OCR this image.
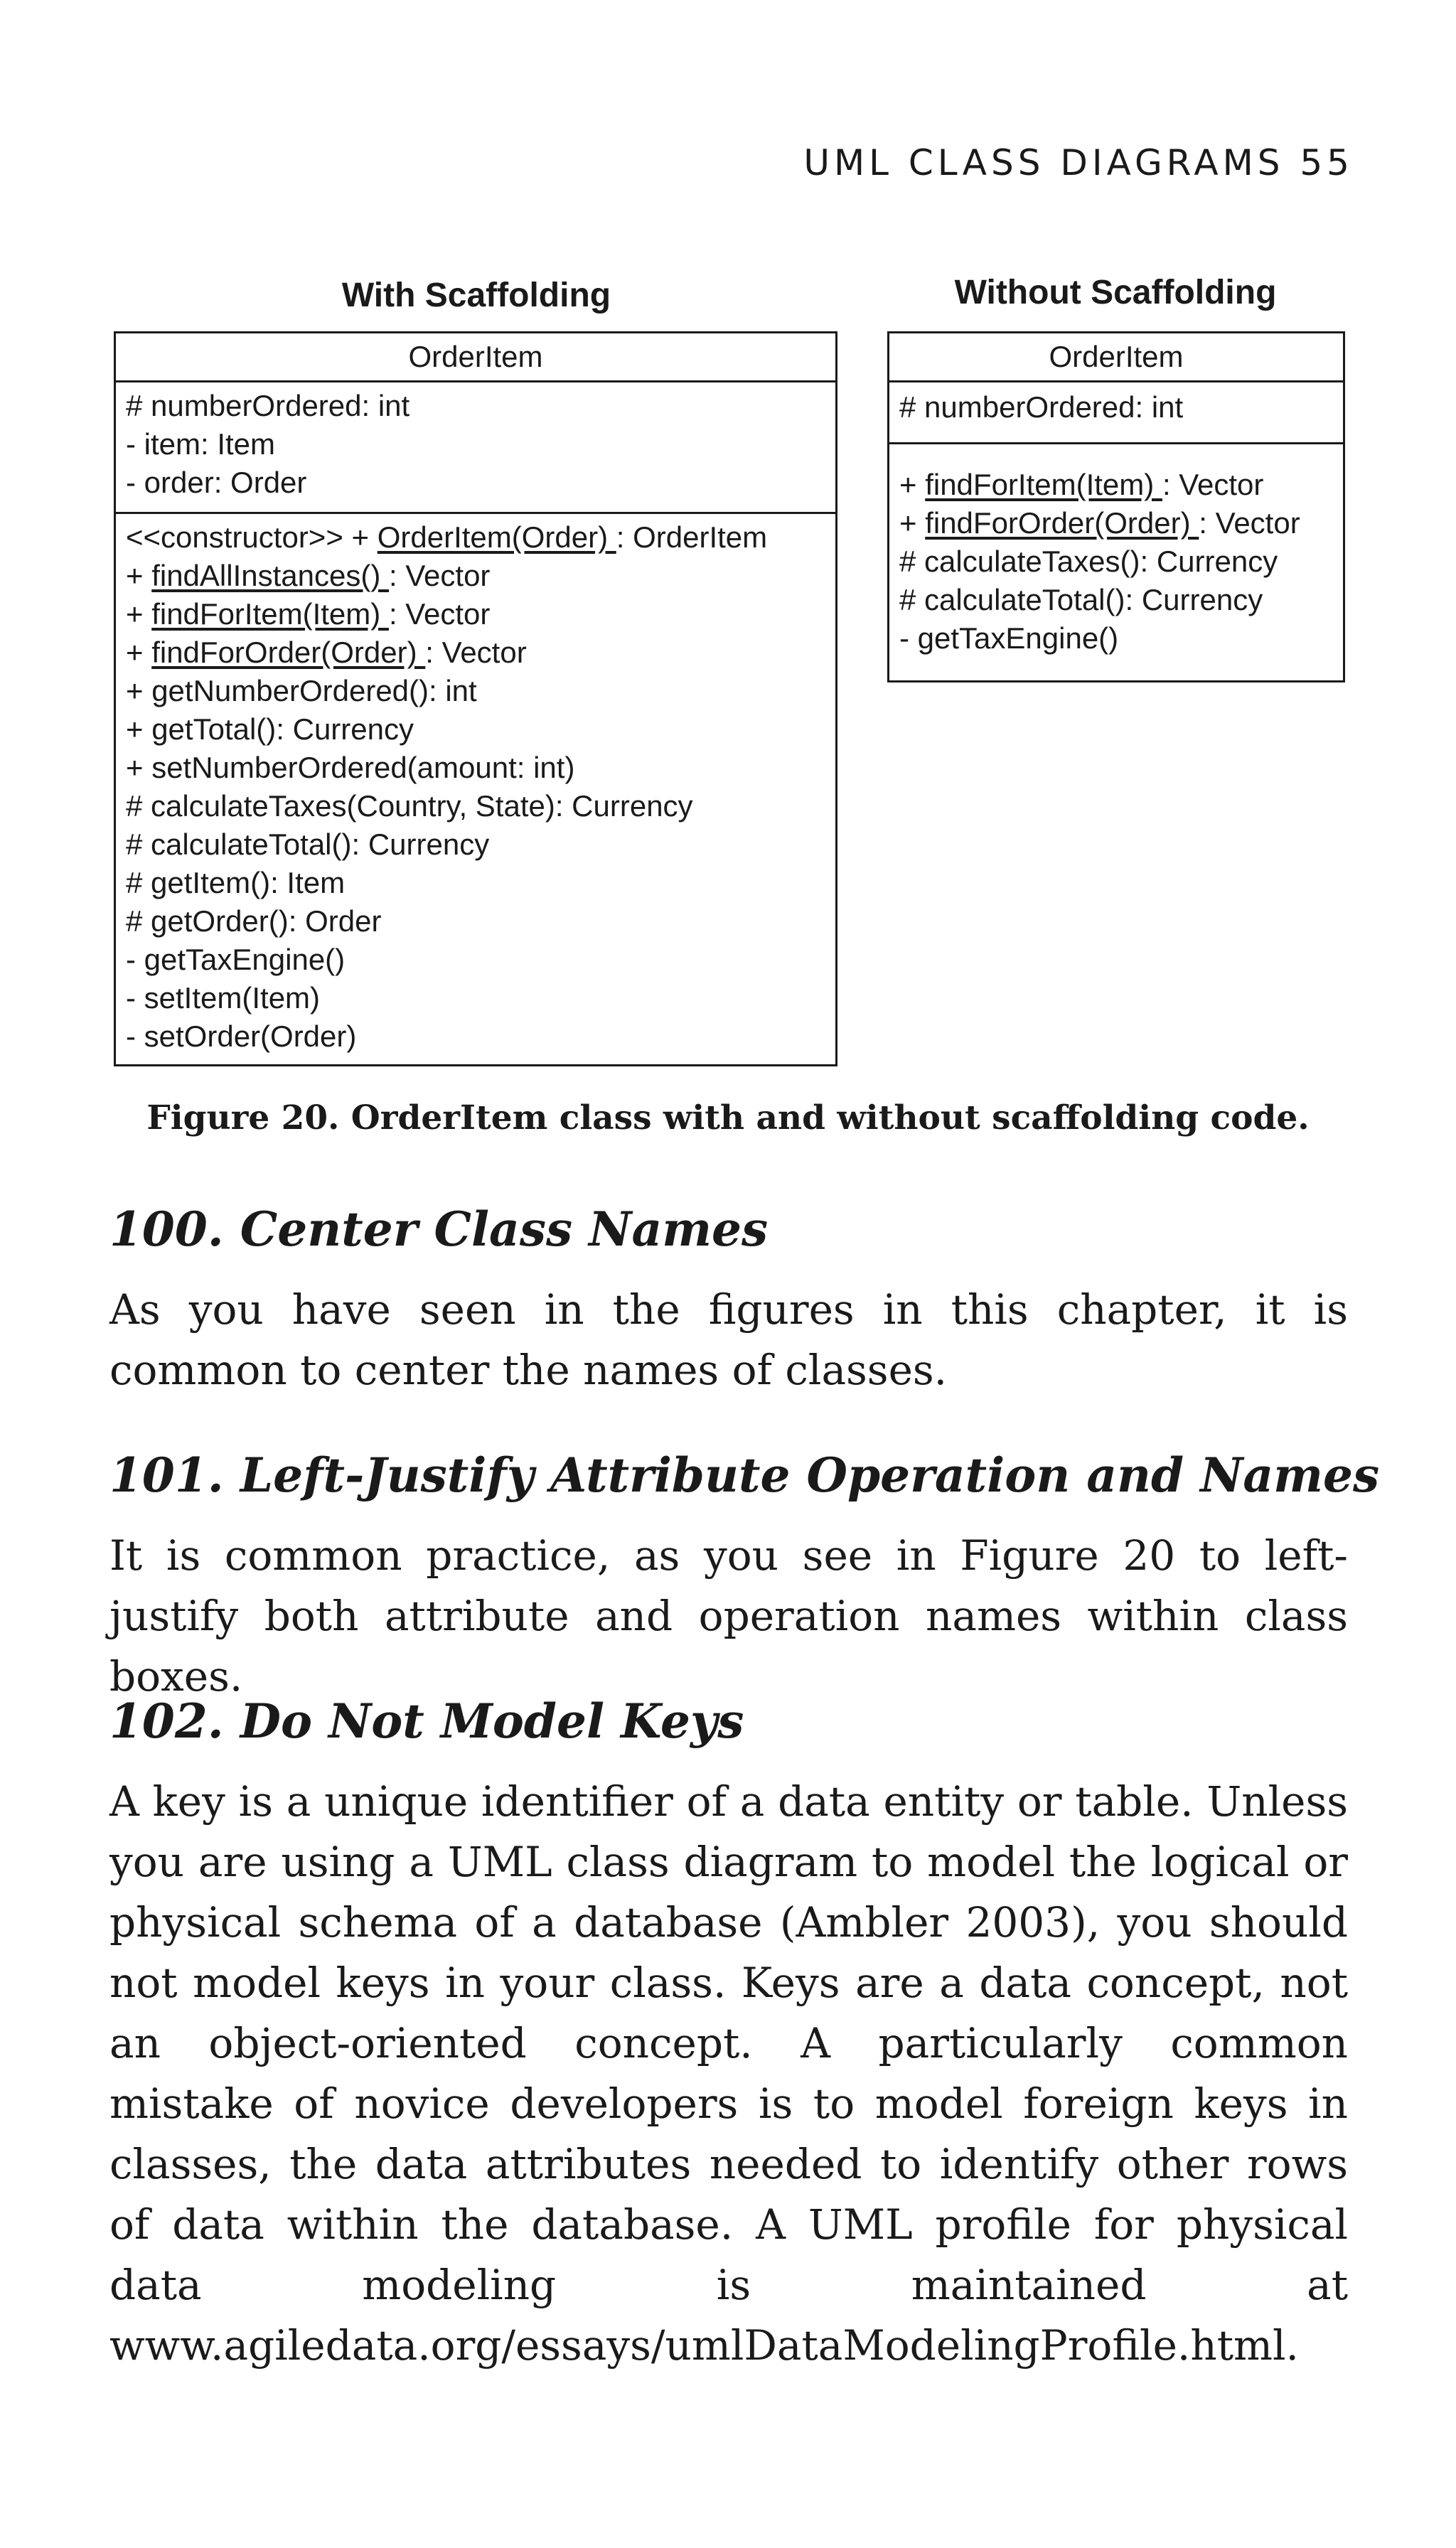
UML CLASS DIAGRAMS 55
With Scaffolding
OrderItem
# numberOrdered: int
- item: Item
- order: Order
<<constructor>> + OrderItem(Order) : OrderItem
+ findAllInstances() : Vector
+ findForItem(Item) : Vector
+ findForOrder(Order) : Vector
+ getNumberOrdered(): int
+ getTotal(): Currency
+ setNumberOrdered(amount: int)
# calculateTaxes(Country, State): Currency
# calculateTotal(): Currency
# getItem(): Item
# getOrder(): Order
- getTaxEngine()
- setItem(Item)
- setOrder(Order)
Without Scaffolding
OrderItem
# numberOrdered: int
+ findForItem(Item) : Vector
+ findForOrder(Order) : Vector
# calculateTaxes(): Currency
# calculateTotal(): Currency
- getTaxEngine()
Figure 20. OrderItem class with and without scaffolding code.
100. Center Class Names

As you have seen in the figures in this chapter, it is common to center the names of classes.

101. Left-Justify Attribute Operation and Names

It is common practice, as you see in Figure 20 to left-justify both attribute and operation names within class boxes.

102. Do Not Model Keys

A key is a unique identifier of a data entity or table. Unless you are using a UML class diagram to model the logical or physical schema of a database (Ambler 2003), you should not model keys in your class. Keys are a data concept, not an object-oriented concept. A particularly common mistake of novice developers is to model foreign keys in classes, the data attributes needed to identify other rows of data within the database. A UML profile for physical data modeling is maintained at www.agiledata.org/essays/umlDataModelingProfile.html.
